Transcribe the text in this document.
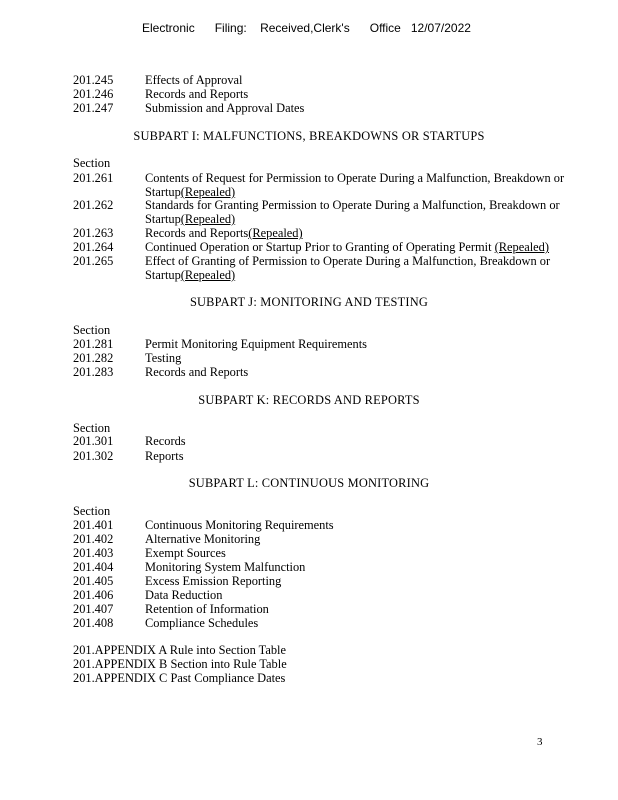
Electronic Filing: Received,Clerk's Office 12/07/2022
201.245	Effects of Approval
201.246	Records and Reports
201.247	Submission and Approval Dates
SUBPART I: MALFUNCTIONS, BREAKDOWNS OR STARTUPS
Section
201.261	Contents of Request for Permission to Operate During a Malfunction, Breakdown or Startup(Repealed)
201.262	Standards for Granting Permission to Operate During a Malfunction, Breakdown or Startup(Repealed)
201.263	Records and Reports(Repealed)
201.264	Continued Operation or Startup Prior to Granting of Operating Permit (Repealed)
201.265	Effect of Granting of Permission to Operate During a Malfunction, Breakdown or Startup(Repealed)
SUBPART J: MONITORING AND TESTING
Section
201.281	Permit Monitoring Equipment Requirements
201.282	Testing
201.283	Records and Reports
SUBPART K: RECORDS AND REPORTS
Section
201.301	Records
201.302	Reports
SUBPART L: CONTINUOUS MONITORING
Section
201.401	Continuous Monitoring Requirements
201.402	Alternative Monitoring
201.403	Exempt Sources
201.404	Monitoring System Malfunction
201.405	Excess Emission Reporting
201.406	Data Reduction
201.407	Retention of Information
201.408	Compliance Schedules
201.APPENDIX A Rule into Section Table
201.APPENDIX B Section into Rule Table
201.APPENDIX C Past Compliance Dates
3
